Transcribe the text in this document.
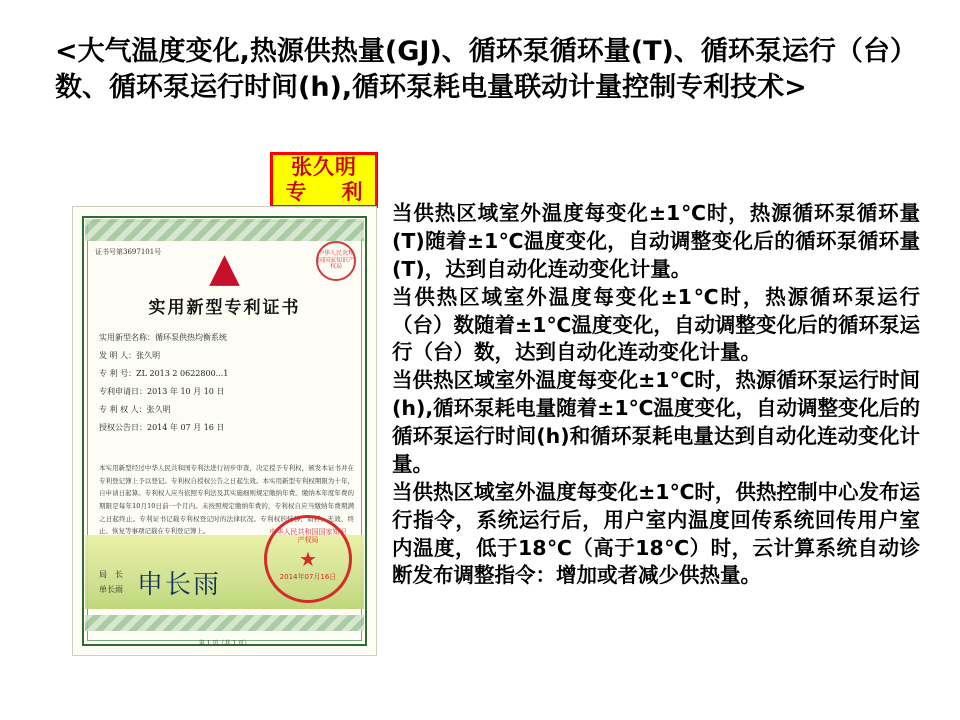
<大气温度变化,热源供热量(GJ)、循环泵循环量(T)、循环泵运行（台）数、循环泵运行时间(h),循环泵耗电量联动计量控制专利技术>
张久明
专　利
证书号第3697101号	▲	中华人民共和国国家知识产权局
实用新型专利证书
实用新型名称：循环泵供热均衡系统
发 明 人：张久明
专 利 号：ZL 2013 2 0622800...1
专利申请日：2013 年 10 月 10 日
专 利 权 人：张久明
授权公告日：2014 年 07 月 16 日
本实用新型经过中华人民共和国专利法进行初步审查，决定授予专利权，颁发本证书并在专利登记簿上予以登记。专利权自授权公告之日起生效。本实用新型专利权期限为十年，自申请日起算。专利权人应当依照专利法及其实施细则规定缴纳年费。缴纳本年度年费的期限是每年10月10日前一个月内。未按照规定缴纳年费的，专利权自应当缴纳年费期满之日起终止。专利证书记载专利权登记时的法律状况。专利权的转移、质押、无效、终止、恢复等事项记载在专利登记簿上。
局　长
单长雨 申长雨
中华人民共和国国家知识产权局
★
2014年07月16日
第 1 页（共 1 页）

当供热区域室外温度每变化±1℃时，热源循环泵循环量(T)随着±1℃温度变化，自动调整变化后的循环泵循环量(T)，达到自动化连动变化计量。

当供热区域室外温度每变化±1℃时，热源循环泵运行（台）数随着±1℃温度变化，自动调整变化后的循环泵运行（台）数，达到自动化连动变化计量。

当供热区域室外温度每变化±1℃时，热源循环泵运行时间(h),循环泵耗电量随着±1℃温度变化，自动调整变化后的循环泵运行时间(h)和循环泵耗电量达到自动化连动变化计量。

当供热区域室外温度每变化±1℃时，供热控制中心发布运行指令，系统运行后，用户室内温度回传系统回传用户室内温度，低于18℃（高于18℃）时，云计算系统自动诊断发布调整指令：增加或者减少供热量。
